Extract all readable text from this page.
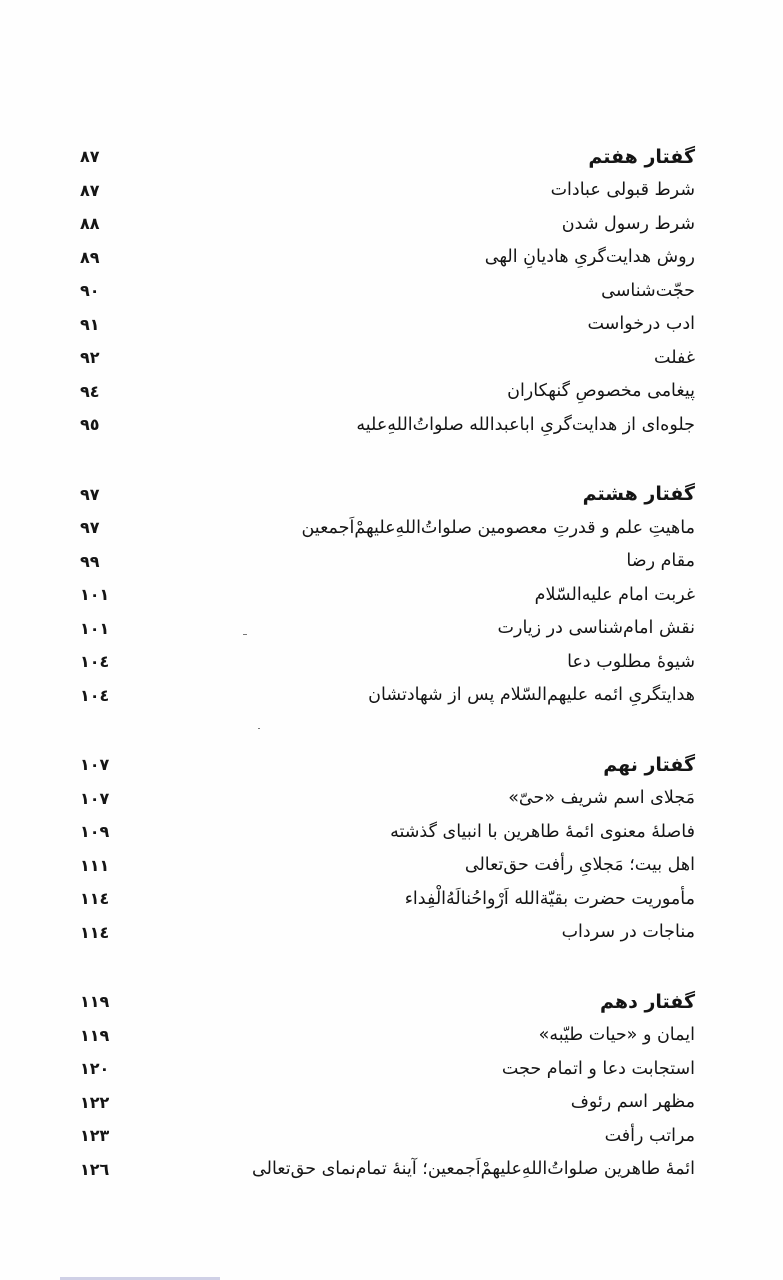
گفتار هفتم
۸۷
شرط قبولی عبادات
۸۷
شرط رسول شدن
۸۸
روش هدایت‌گریِ هادیانِ الهی
۸۹
حجّت‌شناسی
۹۰
ادب درخواست
۹۱
غفلت
۹۲
پیغامی مخصوصِ گنهکاران
۹٤
جلوه‌ای از هدایت‌گریِ اباعبدالله صلواتُ‌اللهِ‌علیه
۹٥
گفتار هشتم
۹۷
ماهیتِ علم و قدرتِ معصومین صلواتُ‌اللهِ‌علیهمْ‌اَجمعین
۹۷
مقام رضا
۹۹
غربت امام علیه‌السّلام
۱۰۱
نقش امام‌شناسی در زیارت
۱۰۱
شیوهٔ مطلوب دعا
۱۰٤
هدایتگریِ ائمه علیهم‌السّلام پس از شهادتشان
۱۰٤
گفتار نهم
۱۰۷
مَجلای اسم شریف «حیّ»
۱۰۷
فاصلهٔ معنوی ائمهٔ طاهرین با انبیای گذشته
۱۰۹
اهل بیت؛ مَجلایِ رأفت حق‌تعالی
۱۱۱
مأموریت حضرت بقیّةالله اَرْواحُنالَهُ‌الْفِداء
۱۱٤
مناجات در سرداب
۱۱٤
گفتار دهم
۱۱۹
ایمان و «حیات طیّبه»
۱۱۹
استجابت دعا و اتمام حجت
۱۲۰
مظهر اسم رئوف
۱۲۲
مراتب رأفت
۱۲۳
ائمهٔ طاهرین صلواتُ‌اللهِ‌علیهمْ‌اَجمعین؛ آینهٔ تمام‌نمای حق‌تعالی
۱۲٦
